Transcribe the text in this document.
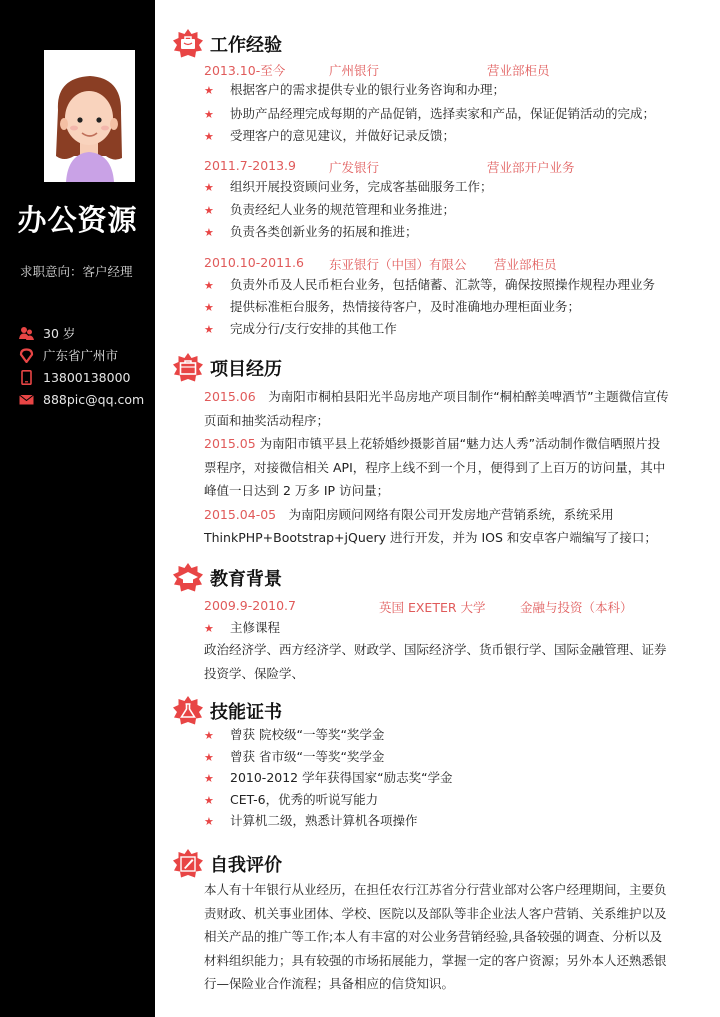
办公资源
求职意向：客户经理
30 岁
广东省广州市
13800138000
888pic@qq.com
工作经验
2013.10-至今	广州银行	营业部柜员
★ 根据客户的需求提供专业的银行业务咨询和办理；
★ 协助产品经理完成每期的产品促销，选择卖家和产品，保证促销活动的完成；
★ 受理客户的意见建议，并做好记录反馈；
2011.7-2013.9	广发银行	营业部开户业务
★ 组织开展投资顾问业务，完成客基础服务工作；
★ 负责经纪人业务的规范管理和业务推进；
★ 负责各类创新业务的拓展和推进；
2010.10-2011.6 东亚银行（中国）有限公 营业部柜员
★ 负责外币及人民币柜台业务，包括储蓄、汇款等，确保按照操作规程办理业务
★ 提供标准柜台服务，热情接待客户，及时准确地办理柜面业务；
★ 完成分行/支行安排的其他工作
项目经历
2015.06　为南阳市桐柏县阳光半岛房地产项目制作“桐柏醉美啤酒节”主题微信宣传页面和抽奖活动程序；
2015.05 为南阳市镇平县上花轿婚纱摄影首届“魅力达人秀”活动制作微信晒照片投票程序，对接微信相关 API，程序上线不到一个月，便得到了上百万的访问量，其中峰值一日达到 2 万多 IP 访问量；
2015.04-05　为南阳房顾问网络有限公司开发房地产营销系统，系统采用 ThinkPHP+Bootstrap+jQuery 进行开发，并为 IOS 和安卓客户端编写了接口；
教育背景
2009.9-2010.7	英国 EXETER 大学	金融与投资（本科）
★ 主修课程
政治经济学、西方经济学、财政学、国际经济学、货币银行学、国际金融管理、证券投资学、保险学、
技能证书
★ 曾获 院校级“一等奖“奖学金
★ 曾获 省市级“一等奖“奖学金
★ 2010-2012 学年获得国家“励志奖“学金
★ CET-6，优秀的听说写能力
★ 计算机二级，熟悉计算机各项操作
自我评价
本人有十年银行从业经历，在担任农行江苏省分行营业部对公客户经理期间，主要负责财政、机关事业团体、学校、医院以及部队等非企业法人客户营销、关系维护以及相关产品的推广等工作;本人有丰富的对公业务营销经验,具备较强的调查、分析以及材料组织能力；具有较强的市场拓展能力，掌握一定的客户资源；另外本人还熟悉银行—保险业合作流程；具备相应的信贷知识。
